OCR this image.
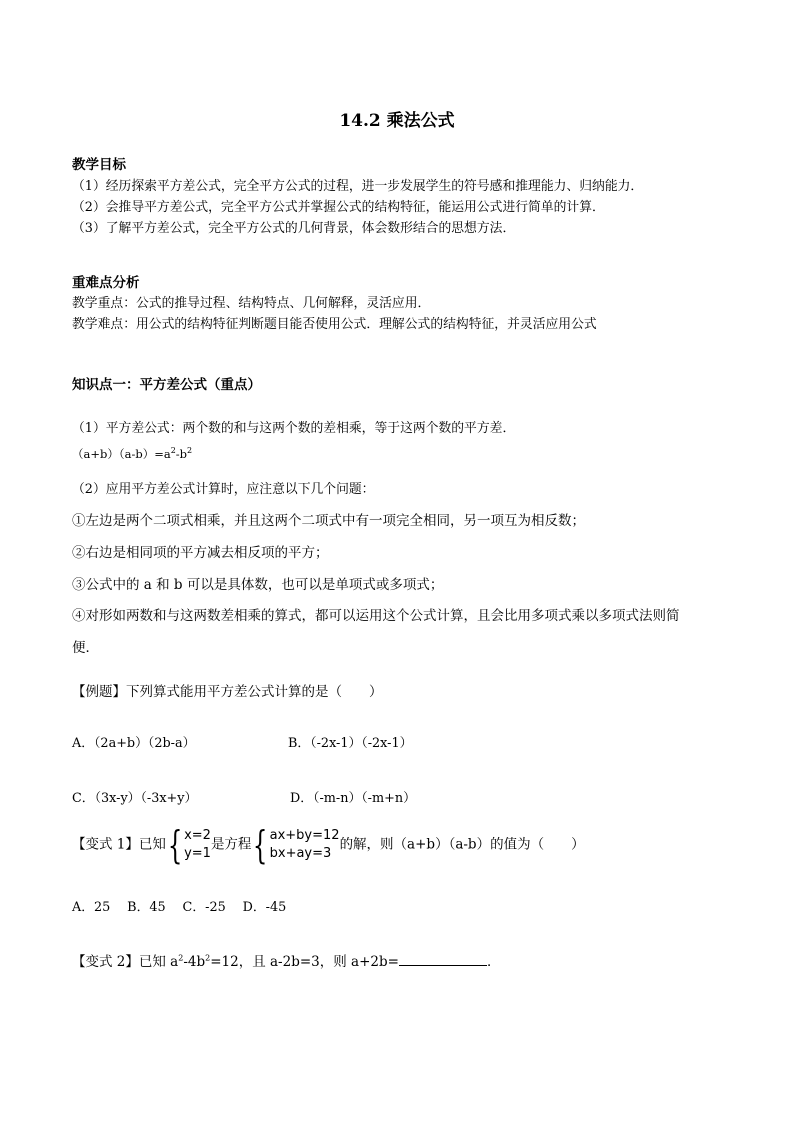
14.2 乘法公式
教学目标
（1）经历探索平方差公式，完全平方公式的过程，进一步发展学生的符号感和推理能力、归纳能力．
（2）会推导平方差公式，完全平方公式并掌握公式的结构特征，能运用公式进行简单的计算．
（3）了解平方差公式，完全平方公式的几何背景，体会数形结合的思想方法．
重难点分析
教学重点：公式的推导过程、结构特点、几何解释，灵活应用．
教学难点：用公式的结构特征判断题目能否使用公式．理解公式的结构特征，并灵活应用公式
知识点一：平方差公式（重点）
（1）平方差公式：两个数的和与这两个数的差相乘，等于这两个数的平方差．
$(a+b)(a-b)=a^2-b^2$
（2）应用平方差公式计算时，应注意以下几个问题：
①左边是两个二项式相乘，并且这两个二项式中有一项完全相同，另一项互为相反数；
②右边是相同项的平方减去相反项的平方；
③公式中的 a 和 b 可以是具体数，也可以是单项式或多项式；
④对形如两数和与这两数差相乘的算式，都可以运用这个公式计算，且会比用多项式乘以多项式法则简
便．
【例题】下列算式能用平方差公式计算的是（　　）
A．（2a+b）（2b-a）	B．（-2x-1）（-2x-1）
C．（3x-y）（-3x+y）	D．（-m-n）（-m+n）
【变式 1】已知 { x=2
y=1
是方程 { ax+by=12
bx+ay=3
的解，则（a+b）（a-b）的值为（　　）
A．25　 B．45　 C．-25　 D．-45
【变式 2】已知 $a^2-4b^2=12$，且 a-2b=3，则 a+2b=	．
